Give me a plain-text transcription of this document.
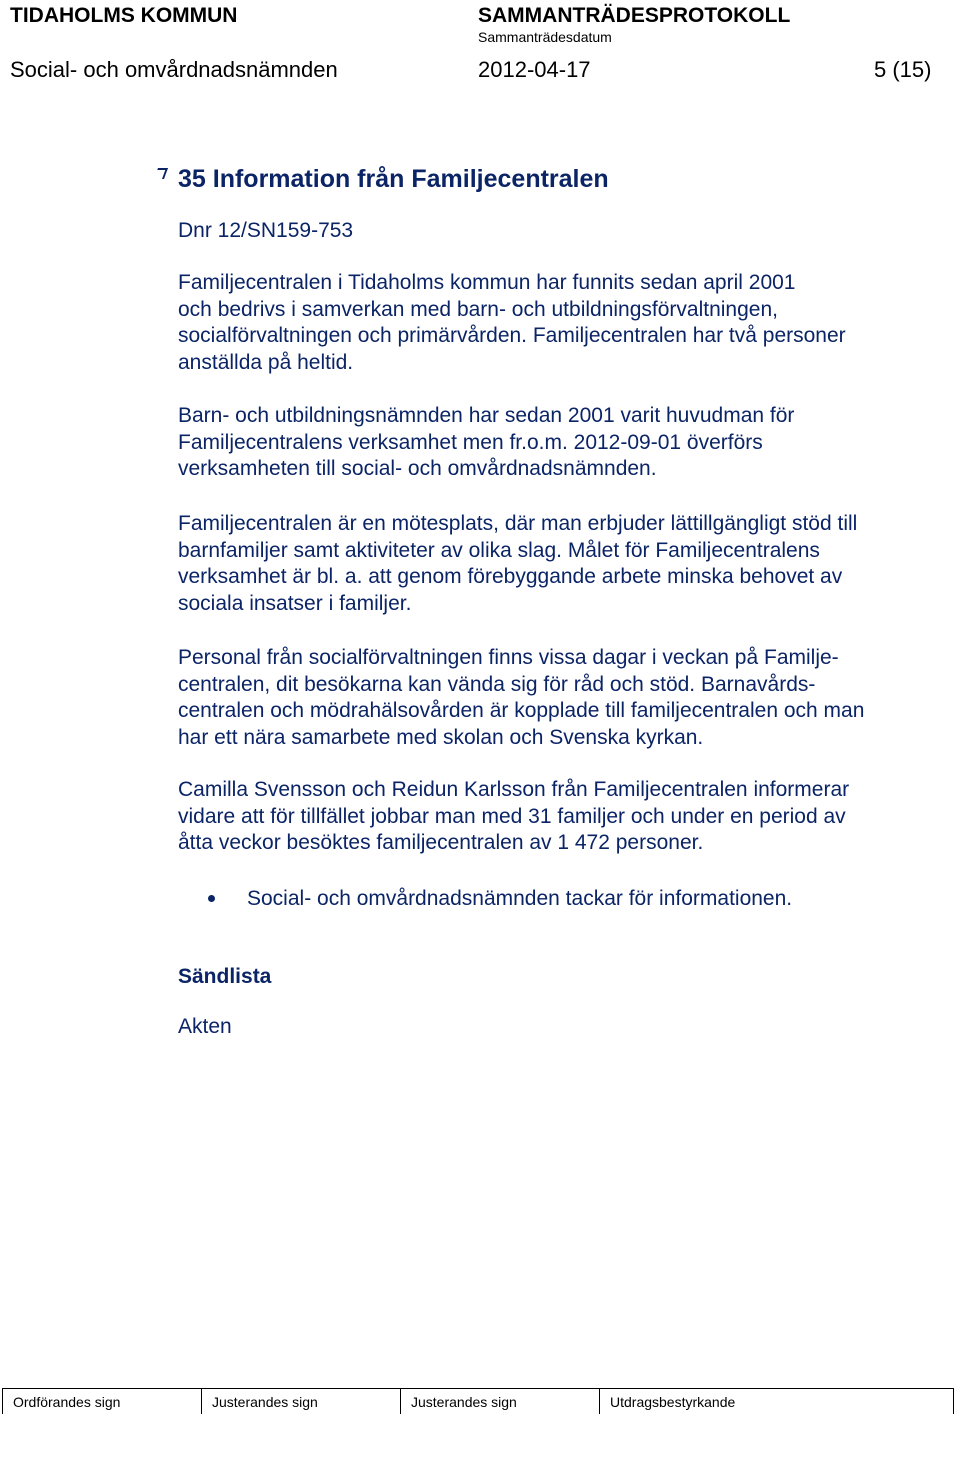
TIDAHOLMS KOMMUN	SAMMANTRÄDESPROTOKOLL
Sammanträdesdatum
Social- och omvårdnadsnämnden	2012-04-17	5 (15)
35 Information från Familjecentralen
Dnr 12/SN159-753
Familjecentralen i Tidaholms kommun har funnits sedan april 2001
och bedrivs i samverkan med barn- och utbildningsförvaltningen,
socialförvaltningen och primärvården. Familjecentralen har två personer
anställda på heltid.
Barn- och utbildningsnämnden har sedan 2001 varit huvudman för
Familjecentralens verksamhet men fr.o.m. 2012-09-01 överförs
verksamheten till social- och omvårdnadsnämnden.
Familjecentralen är en mötesplats, där man erbjuder lättillgängligt stöd till
barnfamiljer samt aktiviteter av olika slag. Målet för Familjecentralens
verksamhet är bl. a. att genom förebyggande arbete minska behovet av
sociala insatser i familjer.
Personal från socialförvaltningen finns vissa dagar i veckan på Familje-
centralen, dit besökarna kan vända sig för råd och stöd. Barnavårds-
centralen och mödrahälsovården är kopplade till familjecentralen och man
har ett nära samarbete med skolan och Svenska kyrkan.
Camilla Svensson och Reidun Karlsson från Familjecentralen informerar
vidare att för tillfället jobbar man med 31 familjer och under en period av
åtta veckor besöktes familjecentralen av 1 472 personer.
Social- och omvårdnadsnämnden tackar för informationen.
Sändlista
Akten
Ordförandes sign	Justerandes sign	Justerandes sign	Utdragsbestyrkande
